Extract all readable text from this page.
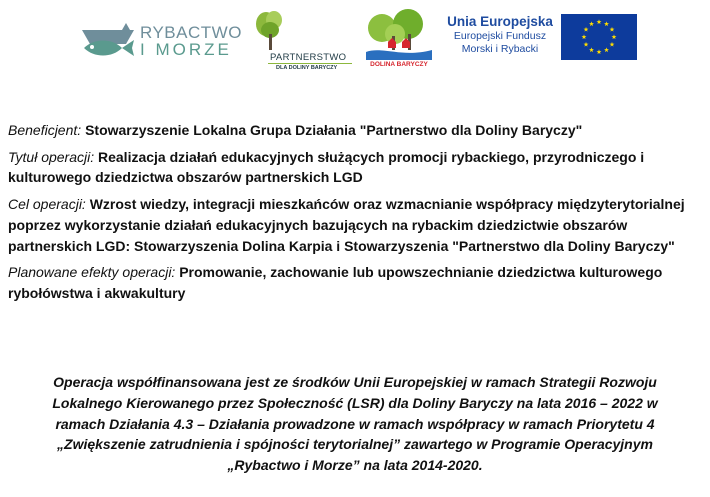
RYBACTWO
I MORZE	PARTNERSTWO
DLA DOLINY BARYCZY	DOLINA BARYCZY
Unia Europejska
Europejski Fundusz
Morski i Rybacki

Beneficjent: Stowarzyszenie Lokalna Grupa Działania "Partnerstwo dla Doliny Baryczy"

Tytuł operacji: Realizacja działań edukacyjnych służących promocji rybackiego, przyrodniczego i kulturowego dziedzictwa obszarów partnerskich LGD

Cel operacji: Wzrost wiedzy, integracji mieszkańców oraz wzmacnianie współpracy międzyterytorialnej poprzez wykorzystanie działań edukacyjnych bazujących na rybackim dziedzictwie obszarów partnerskich LGD: Stowarzyszenia Dolina Karpia i Stowarzyszenia "Partnerstwo dla Doliny Baryczy"

Planowane efekty operacji: Promowanie, zachowanie lub upowszechnianie dziedzictwa kulturowego rybołówstwa i akwakultury

Operacja współfinansowana jest ze środków Unii Europejskiej w ramach Strategii Rozwoju
Lokalnego Kierowanego przez Społeczność (LSR) dla Doliny Baryczy na lata 2016 – 2022 w
ramach Działania 4.3 – Działania prowadzone w ramach współpracy w ramach Priorytetu 4
„Zwiększenie zatrudnienia i spójności terytorialnej” zawartego w Programie Operacyjnym
„Rybactwo i Morze” na lata 2014-2020.
